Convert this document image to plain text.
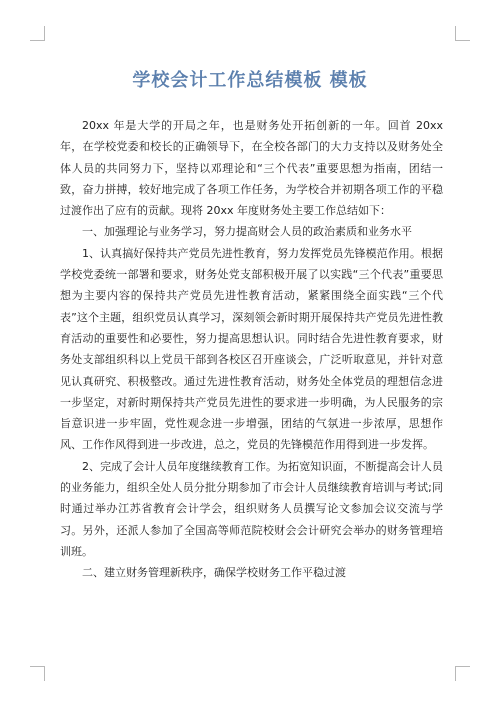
学校会计工作总结模板 模板

20xx 年是大学的开局之年，也是财务处开拓创新的一年。回首 20xx 年，在学校党委和校长的正确领导下，在全校各部门的大力支持以及财务处全体人员的共同努力下，坚持以邓理论和“三个代表”重要思想为指南，团结一致，奋力拼搏，较好地完成了各项工作任务，为学校合并初期各项工作的平稳过渡作出了应有的贡献。现将 20xx 年度财务处主要工作总结如下：

一、加强理论与业务学习，努力提高财会人员的政治素质和业务水平

1、认真搞好保持共产党员先进性教育，努力发挥党员先锋模范作用。根据学校党委统一部署和要求，财务处党支部积极开展了以实践“三个代表”重要思想为主要内容的保持共产党员先进性教育活动，紧紧围绕全面实践“三个代表”这个主题，组织党员认真学习，深刻领会新时期开展保持共产党员先进性教育活动的重要性和必要性，努力提高思想认识。同时结合先进性教育要求，财务处支部组织科以上党员干部到各校区召开座谈会，广泛听取意见，并针对意见认真研究、积极整改。通过先进性教育活动，财务处全体党员的理想信念进一步坚定，对新时期保持共产党员先进性的要求进一步明确，为人民服务的宗旨意识进一步牢固，党性观念进一步增强，团结的气氛进一步浓厚，思想作风、工作作风得到进一步改进，总之，党员的先锋模范作用得到进一步发挥。

2、完成了会计人员年度继续教育工作。为拓宽知识面，不断提高会计人员的业务能力，组织全处人员分批分期参加了市会计人员继续教育培训与考试;同时通过举办江苏省教育会计学会，组织财务人员撰写论文参加会议交流与学习。另外，还派人参加了全国高等师范院校财会会计研究会举办的财务管理培训班。

二、建立财务管理新秩序，确保学校财务工作平稳过渡
